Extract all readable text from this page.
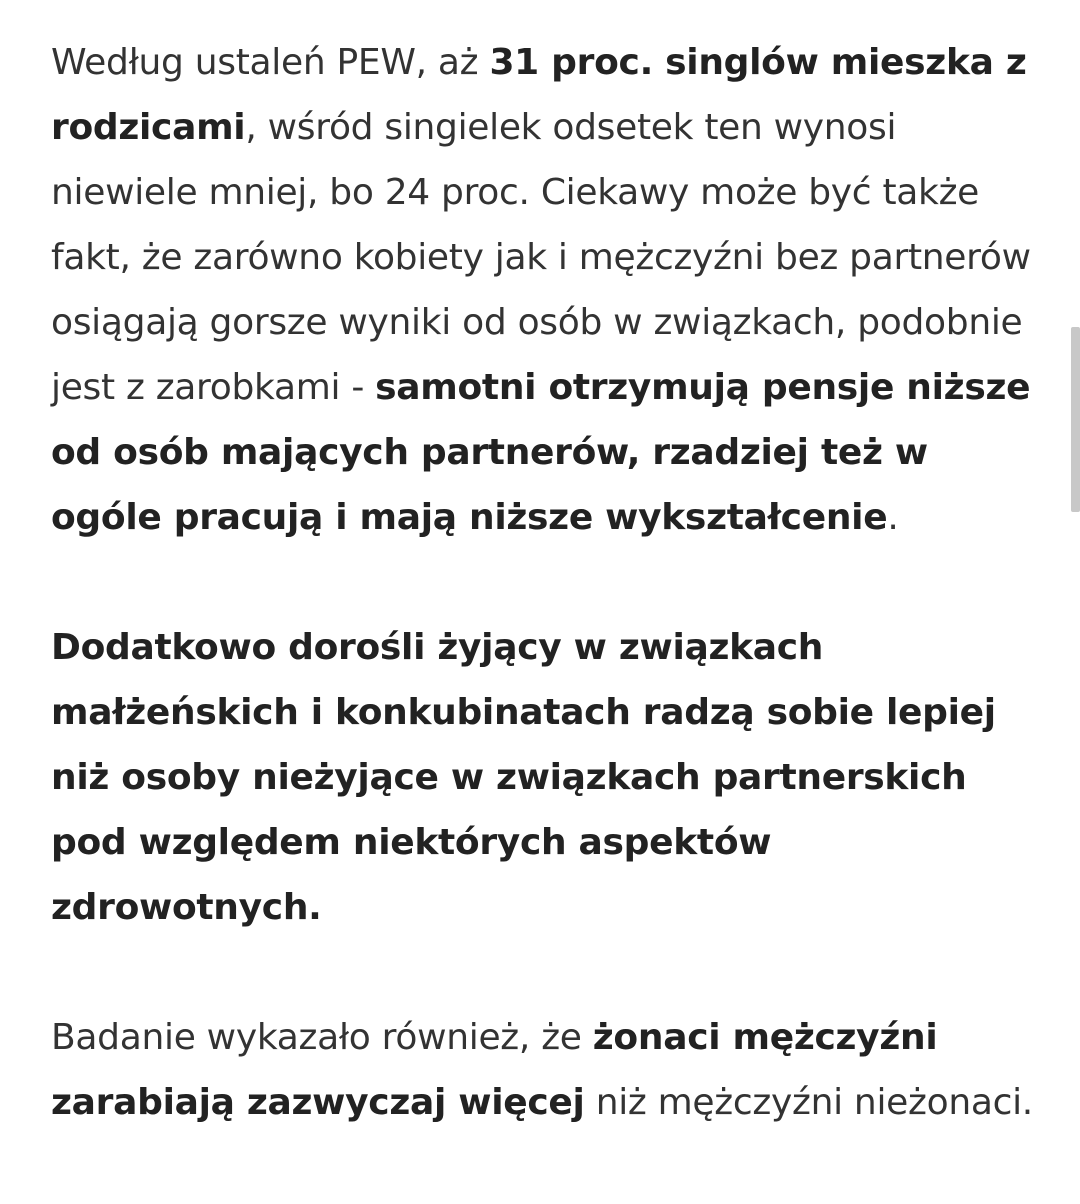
Według ustaleń PEW, aż 31 proc. singlów mieszka z rodzicami, wśród singielek odsetek ten wynosi niewiele mniej, bo 24 proc. Ciekawy może być także fakt, że zarówno kobiety jak i mężczyźni bez partnerów osiągają gorsze wyniki od osób w związkach, podobnie jest z zarobkami - samotni otrzymują pensje niższe od osób mających partnerów, rzadziej też w ogóle pracują i mają niższe wykształcenie.

Dodatkowo dorośli żyjący w związkach małżeńskich i konkubinatach radzą sobie lepiej niż osoby nieżyjące w związkach partnerskich pod względem niektórych aspektów zdrowotnych.

Badanie wykazało również, że żonaci mężczyźni zarabiają zazwyczaj więcej niż mężczyźni nieżonaci.
